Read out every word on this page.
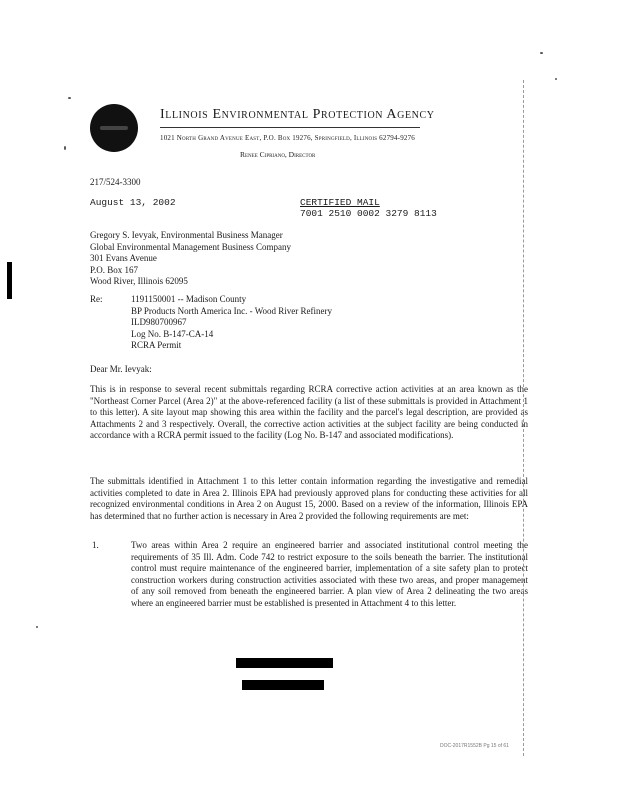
Illinois Environmental Protection Agency
1021 North Grand Avenue East, P.O. Box 19276, Springfield, Illinois 62794-9276
Renee Cipriano, Director
217/524-3300
August 13, 2002	CERTIFIED MAIL
7001 2510 0002 3279 8113
Gregory S. Ievyak, Environmental Business Manager
Global Environmental Management Business Company
301 Evans Avenue
P.O. Box 167
Wood River, Illinois 62095
Re:	1191150001 -- Madison County
BP Products North America Inc. - Wood River Refinery
ILD980700967
Log No. B-147-CA-14
RCRA Permit
Dear Mr. Ievyak:
This is in response to several recent submittals regarding RCRA corrective action activities at an area known as the "Northeast Corner Parcel (Area 2)" at the above-referenced facility (a list of these submittals is provided in Attachment 1 to this letter). A site layout map showing this area within the facility and the parcel's legal description, are provided as Attachments 2 and 3 respectively. Overall, the corrective action activities at the subject facility are being conducted in accordance with a RCRA permit issued to the facility (Log No. B-147 and associated modifications).
The submittals identified in Attachment 1 to this letter contain information regarding the investigative and remedial activities completed to date in Area 2. Illinois EPA had previously approved plans for conducting these activities for all recognized environmental conditions in Area 2 on August 15, 2000. Based on a review of the information, Illinois EPA has determined that no further action is necessary in Area 2 provided the following requirements are met:
1.	Two areas within Area 2 require an engineered barrier and associated institutional control meeting the requirements of 35 Ill. Adm. Code 742 to restrict exposure to the soils beneath the barrier. The institutional control must require maintenance of the engineered barrier, implementation of a site safety plan to protect construction workers during construction activities associated with these two areas, and proper management of any soil removed from beneath the engineered barrier. A plan view of Area 2 delineating the two areas where an engineered barrier must be established is presented in Attachment 4 to this letter.
DOC-2017R1552B Pg 15 of 61
